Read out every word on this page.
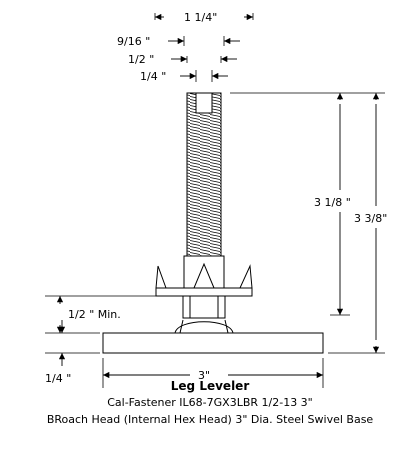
1 1/4"
9/16 "
1/2 "
1/4 "
3 1/8 "
3 3/8"
1/2 " Min.
1/4 "	3"
Leg Leveler
Cal-Fastener IL68-7GX3LBR 1/2-13 3"
BRoach Head (Internal Hex Head) 3" Dia. Steel Swivel Base
